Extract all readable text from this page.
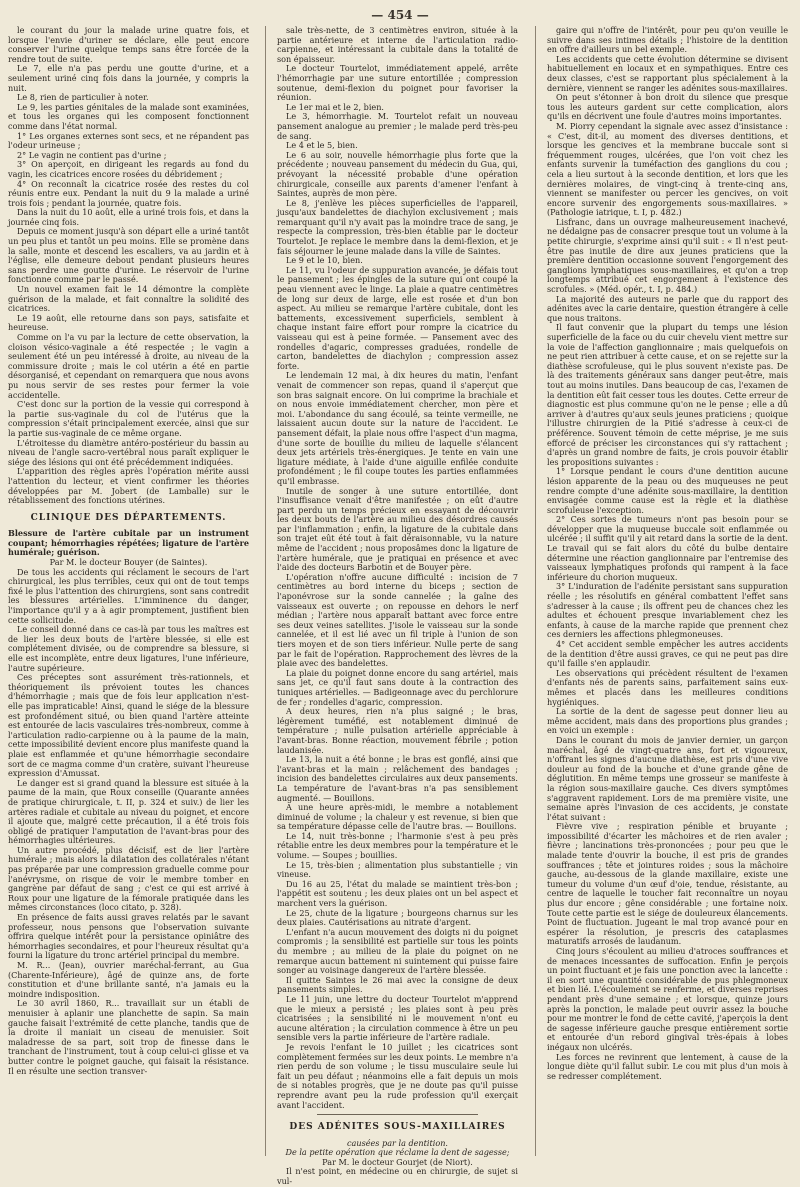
— 454 —

le courant du jour la malade urine quatre fois, et lorsque l'envie d'uriner se déclare, elle peut encore conserver l'urine quelque temps sans être forcée de la rendre tout de suite.

Le 7, elle n'a pas perdu une goutte d'urine, et a seulement uriné cinq fois dans la journée, y compris la nuit.

Le 8, rien de particulier à noter.

Le 9, les parties génitales de la malade sont examinées, et tous les organes qui les composent fonctionnent comme dans l'état normal.

1° Les organes externes sont secs, et ne répandent pas l'odeur urineuse ;

2° Le vagin ne contient pas d'urine ;

3° On aperçoit, en dirigeant les regards au fond du vagin, les cicatrices encore rosées du débridement ;

4° On reconnaît la cicatrice rosée des restes du col réunis entre eux. Pendant la nuit du 9 la malade a uriné trois fois ; pendant la journée, quatre fois.

Dans la nuit du 10 août, elle a uriné trois fois, et dans la journée cinq fois.

Depuis ce moment jusqu'à son départ elle a uriné tantôt un peu plus et tantôt un peu moins. Elle se promène dans la salle, monte et descend les escaliers, va au jardin et à l'église, elle demeure debout pendant plusieurs heures sans perdre une goutte d'urine. Le réservoir de l'urine fonctionne comme par le passé.

Un nouvel examen fait le 14 démontre la complète guérison de la malade, et fait connaître la solidité des cicatrices.

Le 19 août, elle retourne dans son pays, satisfaite et heureuse.

Comme on l'a vu par la lecture de cette observation, la cloison vésico-vaginale a été respectée ; le vagin a seulement été un peu intéressé à droite, au niveau de la commissure droite ; mais le col utérin a été en partie désorganisé, et cependant on remarquera que nous avons pu nous servir de ses restes pour fermer la voie accidentelle.

C'est donc sur la portion de la vessie qui correspond à la partie sus-vaginale du col de l'utérus que la compression s'était principalement exercée, ainsi que sur la partie sus-vaginale de ce même organe.

L'étroitesse du diamètre antéro-postérieur du bassin au niveau de l'angle sacro-vertébral nous paraît expliquer le siége des lésions qui ont été précédemment indiquées.

L'apparition des règles après l'opération mérite aussi l'attention du lecteur, et vient confirmer les théories développées par M. Jobert (de Lamballe) sur le rétablissement des fonctions utérines.

CLINIQUE DES DÉPARTEMENTS.

Blessure de l'artère cubitale par un instrument coupant; hémorrhagies répétées; ligature de l'artère humérale; guérison.

Par M. le docteur Bouyer (de Saintes).

De tous les accidents qui réclament le secours de l'art chirurgical, les plus terribles, ceux qui ont de tout temps fixé le plus l'attention des chirurgiens, sont sans contredit les blessures artérielles. L'imminence du danger, l'importance qu'il y a à agir promptement, justifient bien cette sollicitude.

Le conseil donné dans ce cas-là par tous les maîtres est de lier les deux bouts de l'artère blessée, si elle est complétement divisée, ou de comprendre sa blessure, si elle est incomplète, entre deux ligatures, l'une inférieure, l'autre supérieure.

Ces préceptes sont assurément très-rationnels, et théoriquement ils prévoient toutes les chances d'hémorrhagie ; mais que de fois leur application n'est-elle pas impraticable! Ainsi, quand le siége de la blessure est profondément situé, ou bien quand l'artère atteinte est entourée de lacis vasculaires très-nombreux, comme à l'articulation radio-carpienne ou à la paume de la main, cette impossibilité devient encore plus manifeste quand la plaie est enflammée et qu'une hémorrhagie secondaire sort de ce magma comme d'un cratère, suivant l'heureuse expression d'Amussat.

Le danger est si grand quand la blessure est située à la paume de la main, que Roux conseille (Quarante années de pratique chirurgicale, t. II, p. 324 et suiv.) de lier les artères radiale et cubitale au niveau du poignet, et encore il ajoute que, malgré cette précaution, il a été trois fois obligé de pratiquer l'amputation de l'avant-bras pour des hémorrhagies ultérieures.

Un autre procédé, plus décisif, est de lier l'artère humérale ; mais alors la dilatation des collatérales n'étant pas préparée par une compression graduelle comme pour l'anévrysme, on risque de voir le membre tomber en gangrène par défaut de sang ; c'est ce qui est arrivé à Roux pour une ligature de la fémorale pratiquée dans les mêmes circonstances (loco citato, p. 328).

En présence de faits aussi graves relatés par le savant professeur, nous pensons que l'observation suivante offrira quelque intérêt pour la persistance opiniâtre des hémorrhagies secondaires, et pour l'heureux résultat qu'a fourni la ligature du tronc artériel principal du membre.

M. R... (Jean), ouvrier maréchal-ferrant, au Gua (Charente-Inférieure), âgé de quinze ans, de forte constitution et d'une brillante santé, n'a jamais eu la moindre indisposition.

Le 30 avril 1860, R... travaillait sur un établi de menuisier à aplanir une planchette de sapin. Sa main gauche faisait l'extrémité de cette planche, tandis que de la droite il maniait un ciseau de menuisier. Soit maladresse de sa part, soit trop de finesse dans le tranchant de l'instrument, tout à coup celui-ci glisse et va butter contre le poignet gauche, qui faisait la résistance. Il en résulte une section transver-

sale très-nette, de 3 centimètres environ, située à la partie antérieure et interne de l'articulation radio-carpienne, et intéressant la cubitale dans la totalité de son épaisseur.

Le docteur Tourtelot, immédiatement appelé, arrête l'hémorrhagie par une suture entortillée ; compression soutenue, demi-flexion du poignet pour favoriser la réunion.

Le 1er mai et le 2, bien.

Le 3, hémorrhagie. M. Tourtelot refait un nouveau pansement analogue au premier ; le malade perd très-peu de sang.

Le 4 et le 5, bien.

Le 6 au soir, nouvelle hémorrhagie plus forte que la précédente ; nouveau pansement du médecin du Gua, qui, prévoyant la nécessité probable d'une opération chirurgicale, conseille aux parents d'amener l'enfant à Saintes, auprès de mon père.

Le 8, j'enlève les pièces superficielles de l'appareil, jusqu'aux bandelettes de diachylon exclusivement ; mais remarquant qu'il n'y avait pas la moindre trace de sang, je respecte la compression, très-bien établie par le docteur Tourtelot. Je replace le membre dans la demi-flexion, et je fais séjourner le jeune malade dans la ville de Saintes.

Le 9 et le 10, bien.

Le 11, vu l'odeur de suppuration avancée, je défais tout le pansement ; les épingles de la suture qui ont coupé la peau viennent avec le linge. La plaie a quatre centimètres de long sur deux de large, elle est rosée et d'un bon aspect. Au milieu se remarque l'artère cubitale, dont les battements, excessivement superficiels, semblent à chaque instant faire effort pour rompre la cicatrice du vaisseau qui est à peine formée. — Pansement avec des rondelles d'agaric, compresses graduées, rondelle de carton, bandelettes de diachylon ; compression assez forte.

Le lendemain 12 mai, à dix heures du matin, l'enfant venait de commencer son repas, quand il s'aperçut que son bras saignait encore. On lui comprime la brachiale et on nous envoie immédiatement chercher, mon père et moi. L'abondance du sang écoulé, sa teinte vermeille, ne laissaient aucun doute sur la nature de l'accident. Le pansement défait, la plaie nous offre l'aspect d'un magma, d'une sorte de bouillie du milieu de laquelle s'élancent deux jets artériels très-énergiques. Je tente en vain une ligature médiate, à l'aide d'une aiguille enfilée conduite profondément ; le fil coupe toutes les parties enflammées qu'il embrasse.

Inutile de songer à une suture entortillée, dont l'insuffisance venait d'être manifestée ; on eût d'autre part perdu un temps précieux en essayant de découvrir les deux bouts de l'artère au milieu des désordres causés par l'inflammation ; enfin, la ligature de la cubitale dans son trajet eût été tout à fait déraisonnable, vu la nature même de l'accident ; nous proposâmes donc la ligature de l'artère humérale, que je pratiquai en présence et avec l'aide des docteurs Barbotin et de Bouyer père.

L'opération n'offre aucune difficulté : incision de 7 centimètres au bord interne du biceps ; section de l'aponévrose sur la sonde cannelée ; la gaîne des vaisseaux est ouverte ; on repousse en dehors le nerf médian ; l'artère nous apparaît battant avec force entre ses deux veines satellites. J'isole le vaisseau sur la sonde cannelée, et il est lié avec un fil triple à l'union de son tiers moyen et de son tiers inférieur. Nulle perte de sang par le fait de l'opération. Rapprochement des lèvres de la plaie avec des bandelettes.

La plaie du poignet donne encore du sang artériel, mais sans jet, ce qu'il faut sans doute à la contraction des tuniques artérielles. — Badigeonnage avec du perchlorure de fer ; rondelles d'agaric, compression.

A deux heures, rien n'a plus saigné ; le bras, légèrement tuméfié, est notablement diminué de température ; nulle pulsation artérielle appréciable à l'avant-bras. Bonne réaction, mouvement fébrile ; potion laudanisée.

Le 13, la nuit a été bonne ; le bras est gonflé, ainsi que l'avant-bras et la main ; relâchement des bandages ; incision des bandelettes circulaires aux deux pansements. La température de l'avant-bras n'a pas sensiblement augmenté. — Bouillons.

A une heure après-midi, le membre a notablement diminué de volume ; la chaleur y est revenue, si bien que sa température dépasse celle de l'autre bras. — Bouillons.

Le 14, nuit très-bonne ; l'harmonie s'est à peu près rétablie entre les deux membres pour la température et le volume. — Soupes ; bouillies.

Le 15, très-bien ; alimentation plus substantielle ; vin vineuse.

Du 16 au 25, l'état du malade se maintient très-bon ; l'appétit est soutenu ; les deux plaies ont un bel aspect et marchent vers la guérison.

Le 25, chute de la ligature ; bourgeons charnus sur les deux plaies. Cautérisations au nitrate d'argent.

L'enfant n'a aucun mouvement des doigts ni du poignet compromis ; la sensibilité est partielle sur tous les points du membre ; au milieu de la plaie du poignet on ne remarque aucun battement ni suintement qui puisse faire songer au voisinage dangereux de l'artère blessée.

Il quitte Saintes le 26 mai avec la consigne de deux pansements simples.

Le 11 juin, une lettre du docteur Tourtelot m'apprend que le mieux a persisté ; les plaies sont à peu près cicatrisées ; la sensibilité ni le mouvement n'ont eu aucune altération ; la circulation commence à être un peu sensible vers la partie inférieure de l'artère radiale.

Je revois l'enfant le 10 juillet ; les cicatrices sont complètement fermées sur les deux points. Le membre n'a rien perdu de son volume ; le tissu musculaire seule lui fait un peu défaut ; néanmoins elle a fait depuis un mois de si notables progrès, que je ne doute pas qu'il puisse reprendre avant peu la rude profession qu'il exerçait avant l'accident.

DES ADÉNITES SOUS-MAXILLAIRES

causées par la dentition.

De la petite opération que réclame la dent de sagesse;

Par M. le docteur Gourjet (de Niort).

Il n'est point, en médecine ou en chirurgie, de sujet si vul-

gaire qui n'offre de l'intérêt, pour peu qu'on veuille le suivre dans ses intimes détails ; l'histoire de la dentition en offre d'ailleurs un bel exemple.

Les accidents que cette évolution détermine se divisent habituellement en locaux et en sympathiques. Entre ces deux classes, c'est se rapportant plus spécialement à la dernière, viennent se ranger les adénites sous-maxillaires.

On peut s'étonner à bon droit du silence que presque tous les auteurs gardent sur cette complication, alors qu'ils en décrivent une foule d'autres moins importantes.

M. Piorry cependant la signale avec assez d'insistance : « C'est, dit-il, au moment des diverses dentitions, et lorsque les gencives et la membrane buccale sont si fréquemment rouges, ulcérées, que l'on voit chez les enfants survenir la tuméfaction des ganglions du cou ; cela a lieu surtout à la seconde dentition, et lors que les dernières molaires, de vingt-cinq à trente-cinq ans, viennent se manifester ou percer les gencives, on voit encore survenir des engorgements sous-maxillaires. » (Pathologie iatrique, t. I, p. 482.)

Lisfranc, dans un ouvrage malheureusement inachevé, ne dédaigne pas de consacrer presque tout un volume à la petite chirurgie, s'exprime ainsi qu'il suit : « Il n'est peut-être pas inutile de dire aux jeunes praticiens que la première dentition occasionne souvent l'engorgement des ganglions lymphatiques sous-maxillaires, et qu'on a trop longtemps attribué cet engorgement à l'existence des scrofules. » (Méd. opér., t. I, p. 484.)

La majorité des auteurs ne parle que du rapport des adénites avec la carie dentaire, question étrangère à celle que nous traitons.

Il faut convenir que la plupart du temps une lésion superficielle de la face ou du cuir chevelu vient mettre sur la voie de l'affection ganglionnaire ; mais quelquefois on ne peut rien attribuer à cette cause, et on se rejette sur la diathèse scrofuleuse, qui le plus souvent n'existe pas. De là des traitements généraux sans danger peut-être, mais tout au moins inutiles. Dans beaucoup de cas, l'examen de la dentition eût fait cesser tous les doutes. Cette erreur de diagnostic est plus commune qu'on ne le pense ; elle a dû arriver à d'autres qu'aux seuls jeunes praticiens ; quoique l'illustre chirurgien de la Pitié s'adresse à ceux-ci de préférence. Souvent témoin de cette méprise, je me suis efforcé de préciser les circonstances qui s'y rattachent ; d'après un grand nombre de faits, je crois pouvoir établir les propositions suivantes :

1° Lorsque pendant le cours d'une dentition aucune lésion apparente de la peau ou des muqueuses ne peut rendre compte d'une adénite sous-maxillaire, la dentition envisagée comme cause est la règle et la diathèse scrofuleuse l'exception.

2° Ces sortes de tumeurs n'ont pas besoin pour se développer que la muqueuse buccale soit enflammée ou ulcérée ; il suffit qu'il y ait retard dans la sortie de la dent. Le travail qui se fait alors du côté du bulbe dentaire détermine une réaction ganglionnaire par l'entremise des vaisseaux lymphatiques profonds qui rampent à la face inférieure du chorion muqueux.

3° L'induration de l'adénite persistant sans suppuration réelle ; les résolutifs en général combattent l'effet sans s'adresser à la cause ; ils offrent peu de chances chez les adultes et échouent presque invariablement chez les enfants, à cause de la marche rapide que prennent chez ces derniers les affections phlegmoneuses.

4° Cet accident semble empêcher les autres accidents de la dentition d'être aussi graves, ce qui ne peut pas dire qu'il faille s'en applaudir.

Les observations qui précèdent résultent de l'examen d'enfants nés de parents sains, parfaitement sains eux-mêmes et placés dans les meilleures conditions hygiéniques.

La sortie de la dent de sagesse peut donner lieu au même accident, mais dans des proportions plus grandes ; en voici un exemple :

Dans le courant du mois de janvier dernier, un garçon maréchal, âgé de vingt-quatre ans, fort et vigoureux, n'offrant les signes d'aucune diathèse, est pris d'une vive douleur au fond de la bouche et d'une grande gêne de déglutition. En même temps une grosseur se manifeste à la région sous-maxillaire gauche. Ces divers symptômes s'aggravent rapidement. Lors de ma première visite, une semaine après l'invasion de ces accidents, je constate l'état suivant :

Fièvre vive ; respiration pénible et bruyante ; impossibilité d'écarter les mâchoires et de rien avaler ; fièvre ; lancinations très-prononcées ; pour peu que le malade tente d'ouvrir la bouche, il est pris de grandes souffrances ; tête et jointures roides ; sous la mâchoire gauche, au-dessous de la glande maxillaire, existe une tumeur du volume d'un œuf d'oie, tendue, résistante, au centre de laquelle le toucher fait reconnaître un noyau plus dur encore ; gêne considérable ; une fortaine noix. Toute cette partie est le siége de douleureux élancements. Point de fluctuation. Jugeant le mal trop avancé pour en espérer la résolution, je prescris des cataplasmes maturatifs arrosés de laudanum.

Cinq jours s'écoulent au milieu d'atroces souffrances et de menaces incessantes de suffocation. Enfin je perçois un point fluctuant et je fais une ponction avec la lancette : il en sort une quantité considérable de pus phlegmoneux et bien lié. L'écoulement se renferme, et diverses reprises pendant près d'une semaine ; et lorsque, quinze jours après la ponction, le malade peut ouvrir assez la bouche pour me montrer le fond de cette cavité, j'aperçois la dent de sagesse inférieure gauche presque entièrement sortie et entourée d'un rebord gingival très-épais à lobes inégaux non ulcérés.

Les forces ne revinrent que lentement, à cause de la longue diète qu'il fallut subir. Le cou mit plus d'un mois à se redresser complétement.
